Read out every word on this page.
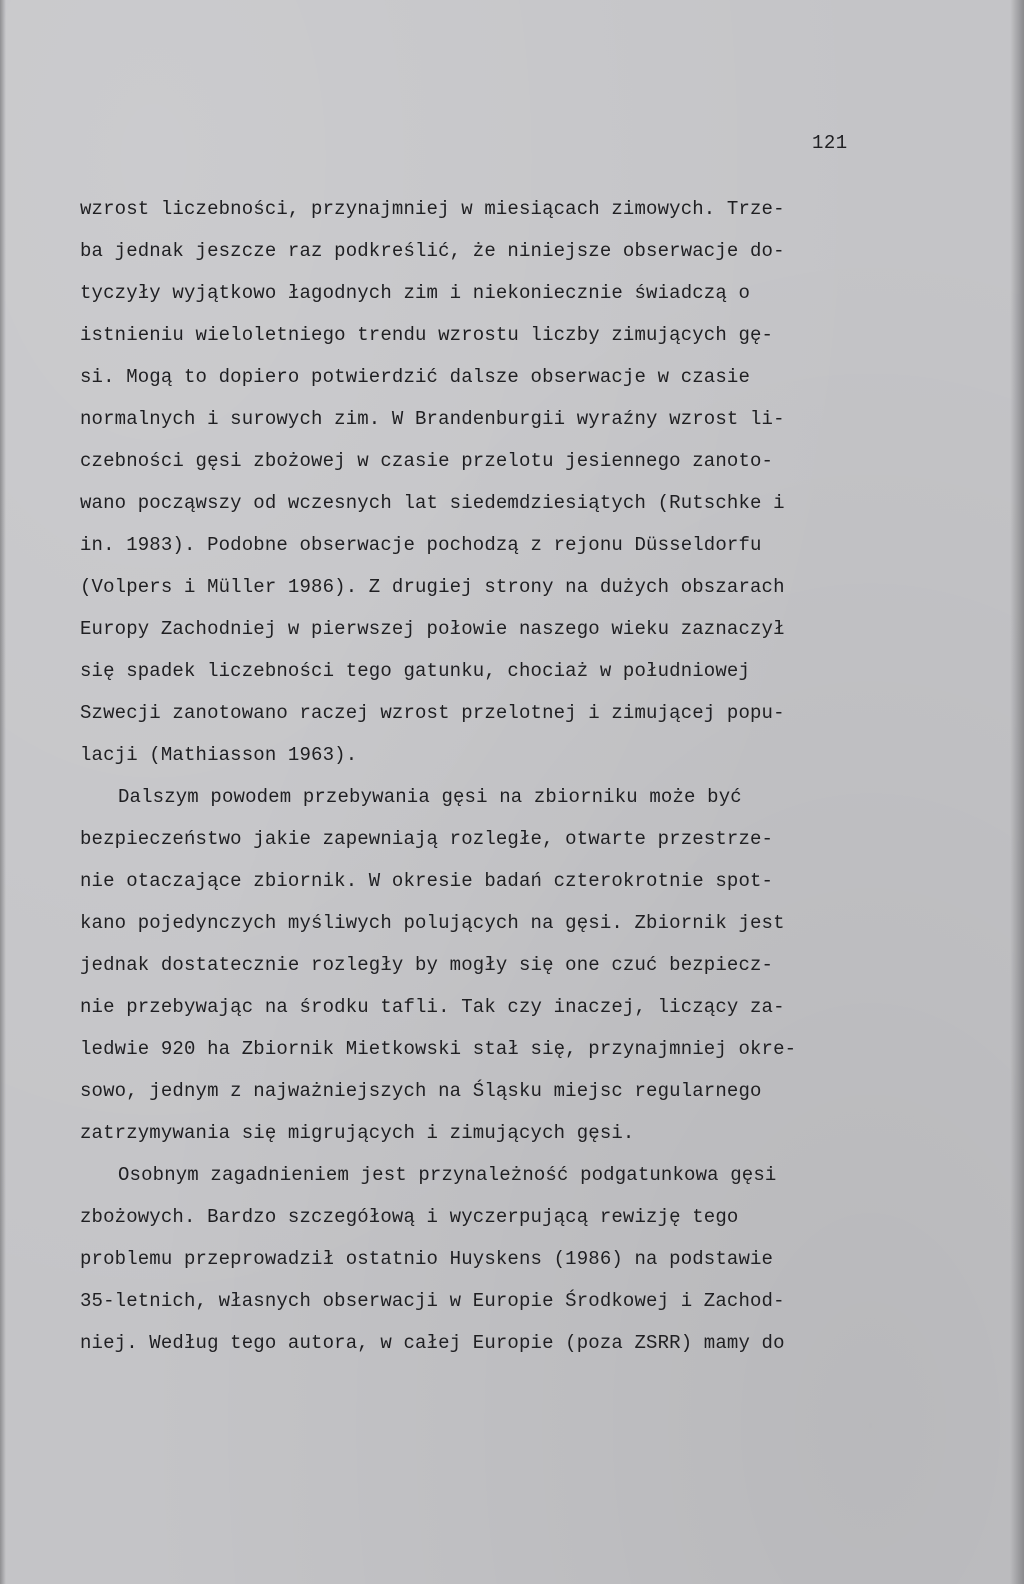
121
wzrost liczebności, przynajmniej w miesiącach zimowych. Trze-
ba jednak jeszcze raz podkreślić, że niniejsze obserwacje do-
tyczyły wyjątkowo łagodnych zim i niekoniecznie świadczą o
istnieniu wieloletniego trendu wzrostu liczby zimujących gę-
si. Mogą to dopiero potwierdzić dalsze obserwacje w czasie
normalnych i surowych zim. W Brandenburgii wyraźny wzrost li-
czebności gęsi zbożowej w czasie przelotu jesiennego zanoto-
wano począwszy od wczesnych lat siedemdziesiątych (Rutschke i
in. 1983). Podobne obserwacje pochodzą z rejonu Düsseldorfu
(Volpers i Müller 1986). Z drugiej strony na dużych obszarach
Europy Zachodniej w pierwszej połowie naszego wieku zaznaczył
się spadek liczebności tego gatunku, chociaż w południowej
Szwecji zanotowano raczej wzrost przelotnej i zimującej popu-
lacji (Mathiasson 1963).
Dalszym powodem przebywania gęsi na zbiorniku może być
bezpieczeństwo jakie zapewniają rozległe, otwarte przestrze-
nie otaczające zbiornik. W okresie badań czterokrotnie spot-
kano pojedynczych myśliwych polujących na gęsi. Zbiornik jest
jednak dostatecznie rozległy by mogły się one czuć bezpiecz-
nie przebywając na środku tafli. Tak czy inaczej, liczący za-
ledwie 920 ha Zbiornik Mietkowski stał się, przynajmniej okre-
sowo, jednym z najważniejszych na Śląsku miejsc regularnego
zatrzymywania się migrujących i zimujących gęsi.
Osobnym zagadnieniem jest przynależność podgatunkowa gęsi
zbożowych. Bardzo szczegółową i wyczerpującą rewizję tego
problemu przeprowadził ostatnio Huyskens (1986) na podstawie
35-letnich, własnych obserwacji w Europie Środkowej i Zachod-
niej. Według tego autora, w całej Europie (poza ZSRR) mamy do
